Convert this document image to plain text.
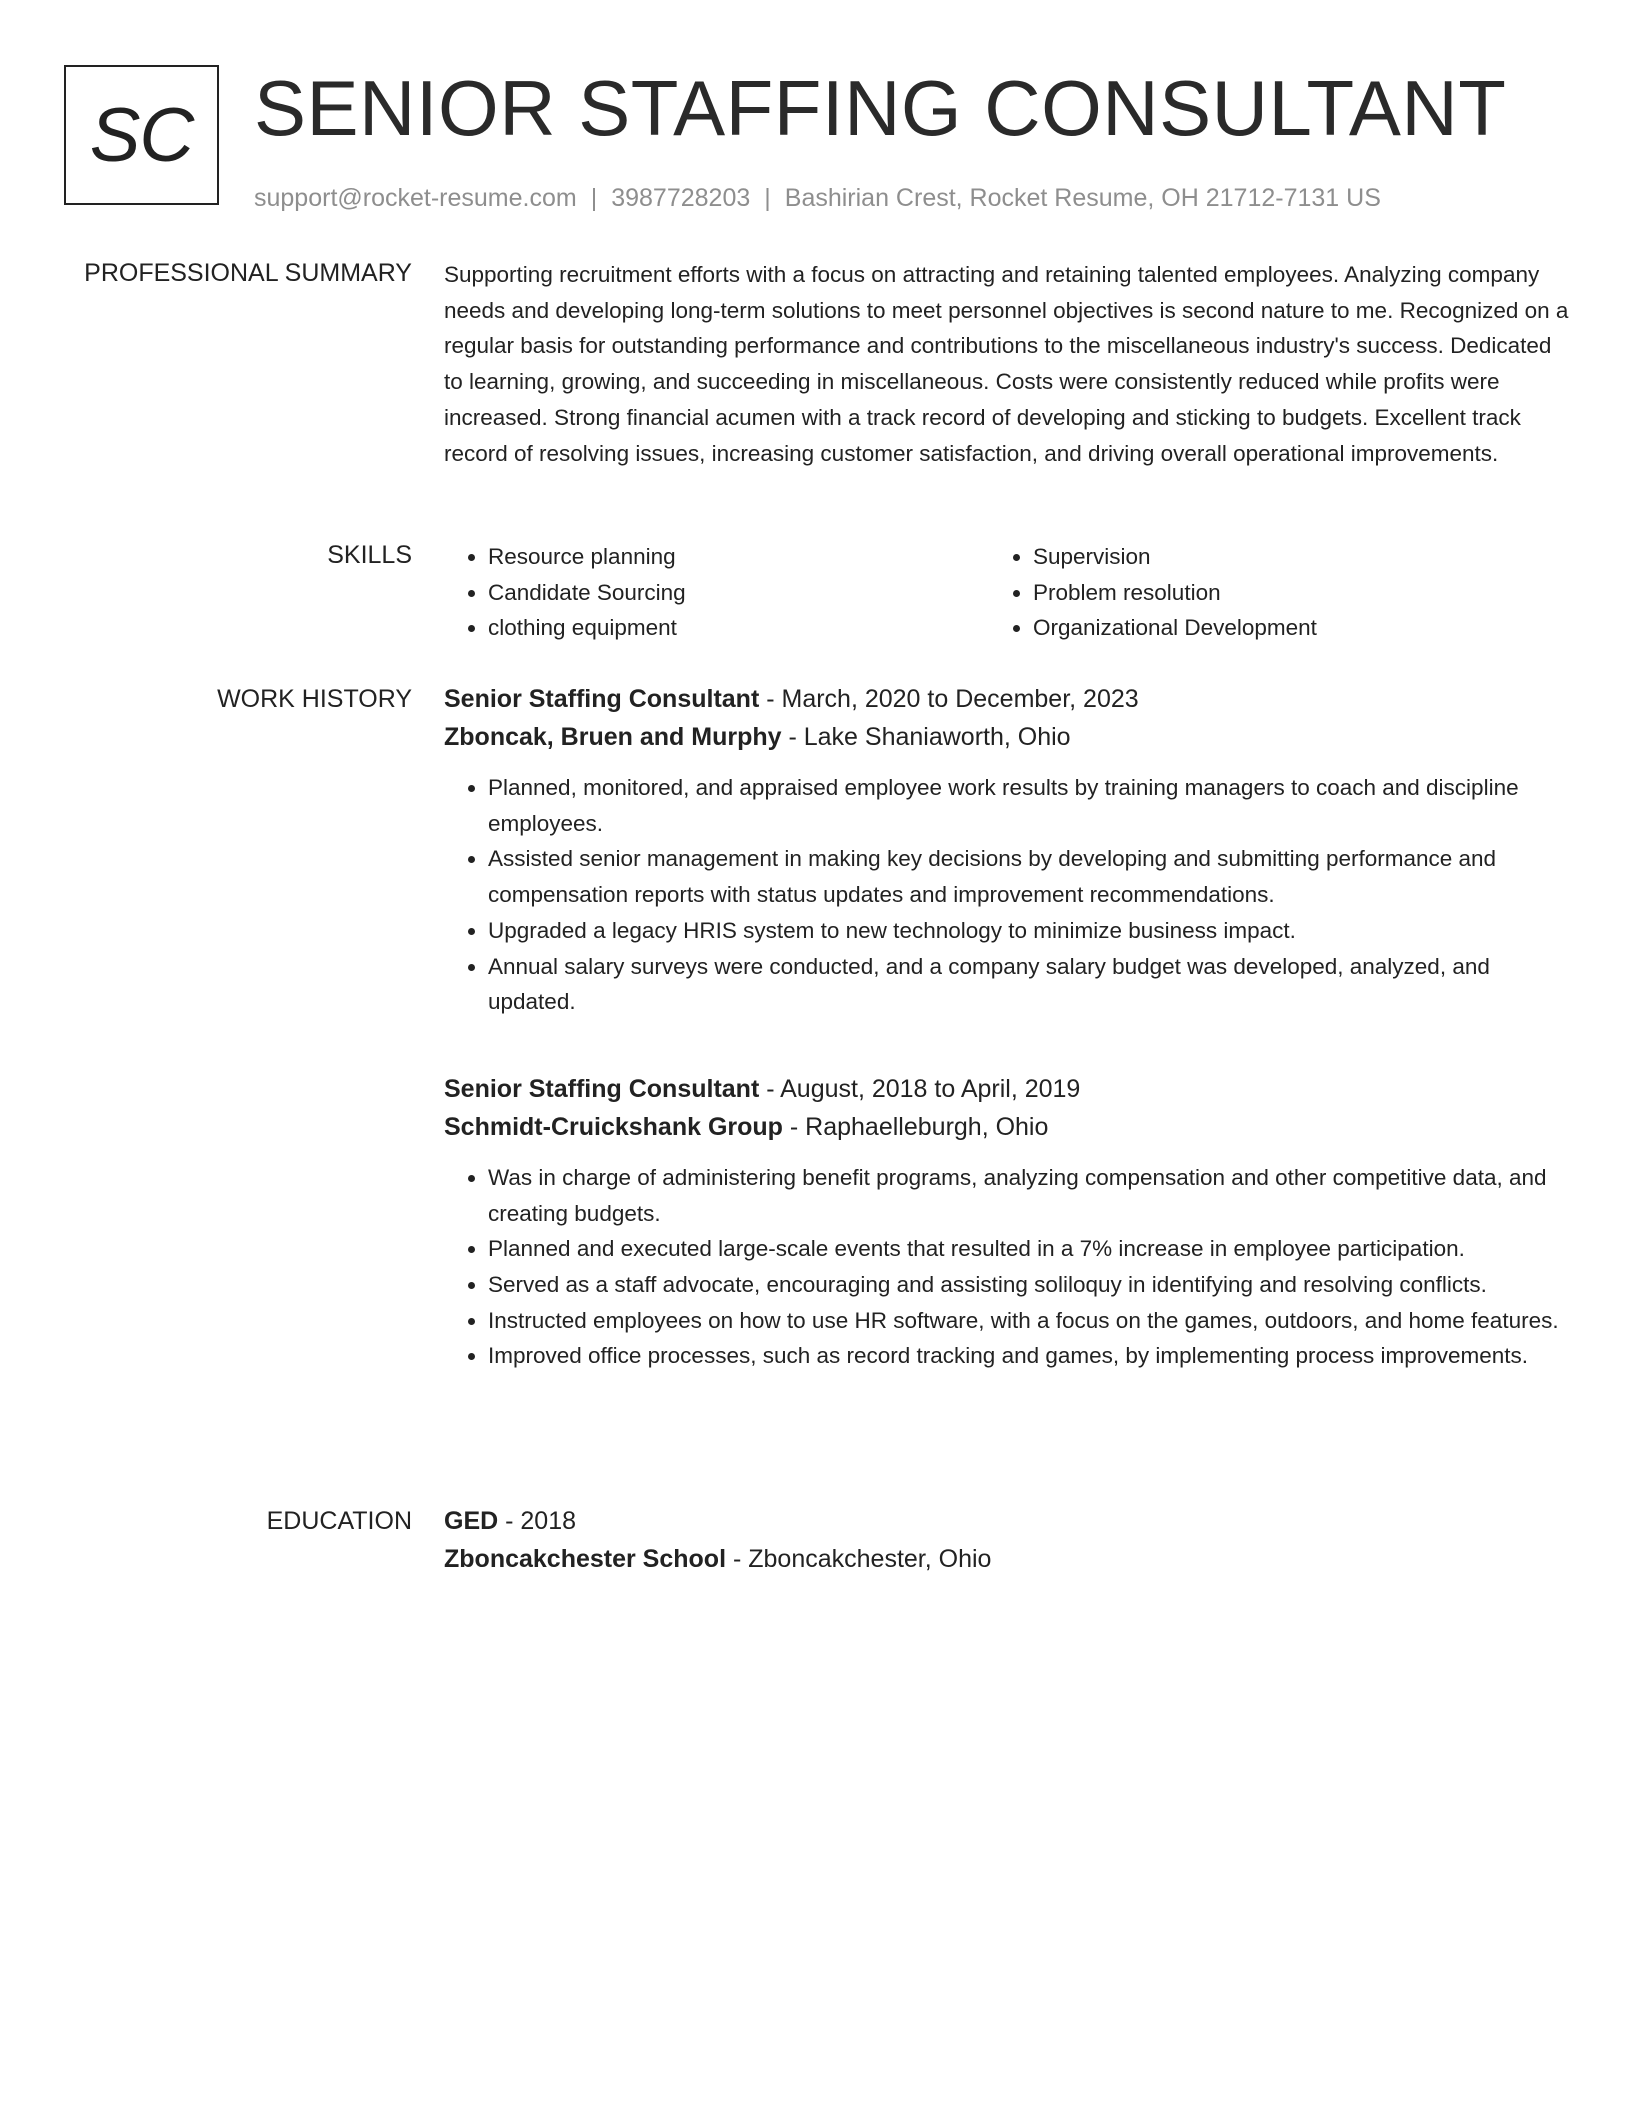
SC SENIOR STAFFING CONSULTANT
support@rocket-resume.com | 3987728203 | Bashirian Crest, Rocket Resume, OH 21712-7131 US
PROFESSIONAL SUMMARY Supporting recruitment efforts with a focus on attracting and retaining talented employees. Analyzing company needs and developing long-term solutions to meet personnel objectives is second nature to me. Recognized on a regular basis for outstanding performance and contributions to the miscellaneous industry's success. Dedicated to learning, growing, and succeeding in miscellaneous. Costs were consistently reduced while profits were increased. Strong financial acumen with a track record of developing and sticking to budgets. Excellent track record of resolving issues, increasing customer satisfaction, and driving overall operational improvements.

SKILLS
•	Resource planning
• Candidate Sourcing
• clothing equipment
• Supervision
• Problem resolution
• Organizational Development
WORK HISTORY Senior Staffing Consultant - March, 2020 to December, 2023

Zboncak, Bruen and Murphy - Lake Shaniaworth, Ohio

• Planned, monitored, and appraised employee work results by training managers to coach and discipline employees.
• Assisted senior management in making key decisions by developing and submitting performance and compensation reports with status updates and improvement recommendations.
• Upgraded a legacy HRIS system to new technology to minimize business impact.
• Annual salary surveys were conducted, and a company salary budget was developed, analyzed, and updated.

Senior Staffing Consultant - August, 2018 to April, 2019

Schmidt-Cruickshank Group - Raphaelleburgh, Ohio

• Was in charge of administering benefit programs, analyzing compensation and other competitive data, and creating budgets.
• Planned and executed large-scale events that resulted in a 7% increase in employee participation.
• Served as a staff advocate, encouraging and assisting soliloquy in identifying and resolving conflicts.
• Instructed employees on how to use HR software, with a focus on the games, outdoors, and home features.
• Improved office processes, such as record tracking and games, by implementing process improvements.
EDUCATION GED - 2018

Zboncakchester School - Zboncakchester, Ohio
